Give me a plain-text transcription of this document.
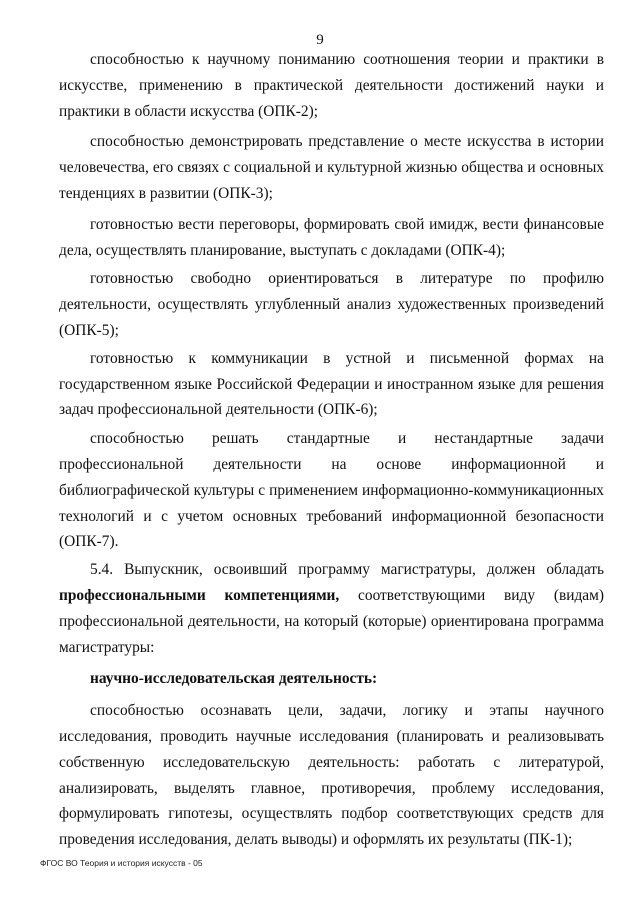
9

способностью к научному пониманию соотношения теории и практики в искусстве, применению в практической деятельности достижений науки и практики в области искусства (ОПК-2);

способностью демонстрировать представление о месте искусства в истории человечества, его связях с социальной и культурной жизнью общества и основных тенденциях в развитии (ОПК-3);

готовностью вести переговоры, формировать свой имидж, вести финансовые дела, осуществлять планирование, выступать с докладами (ОПК-4);

готовностью свободно ориентироваться в литературе по профилю деятельности, осуществлять углубленный анализ художественных произведений (ОПК-5);

готовностью к коммуникации в устной и письменной формах на государственном языке Российской Федерации и иностранном языке для решения задач профессиональной деятельности (ОПК-6);

способностью решать стандартные и нестандартные задачи профессиональной деятельности на основе информационной и библиографической культуры с применением информационно-коммуникационных технологий и с учетом основных требований информационной безопасности (ОПК-7).

5.4. Выпускник, освоивший программу магистратуры, должен обладать профессиональными компетенциями, соответствующими виду (видам) профессиональной деятельности, на который (которые) ориентирована программа магистратуры:

научно-исследовательская деятельность:

способностью осознавать цели, задачи, логику и этапы научного исследования, проводить научные исследования (планировать и реализовывать собственную исследовательскую деятельность: работать с литературой, анализировать, выделять главное, противоречия, проблему исследования, формулировать гипотезы, осуществлять подбор соответствующих средств для проведения исследования, делать выводы) и оформлять их результаты (ПК-1);

ФГОС ВО Теория и история искусств - 05
